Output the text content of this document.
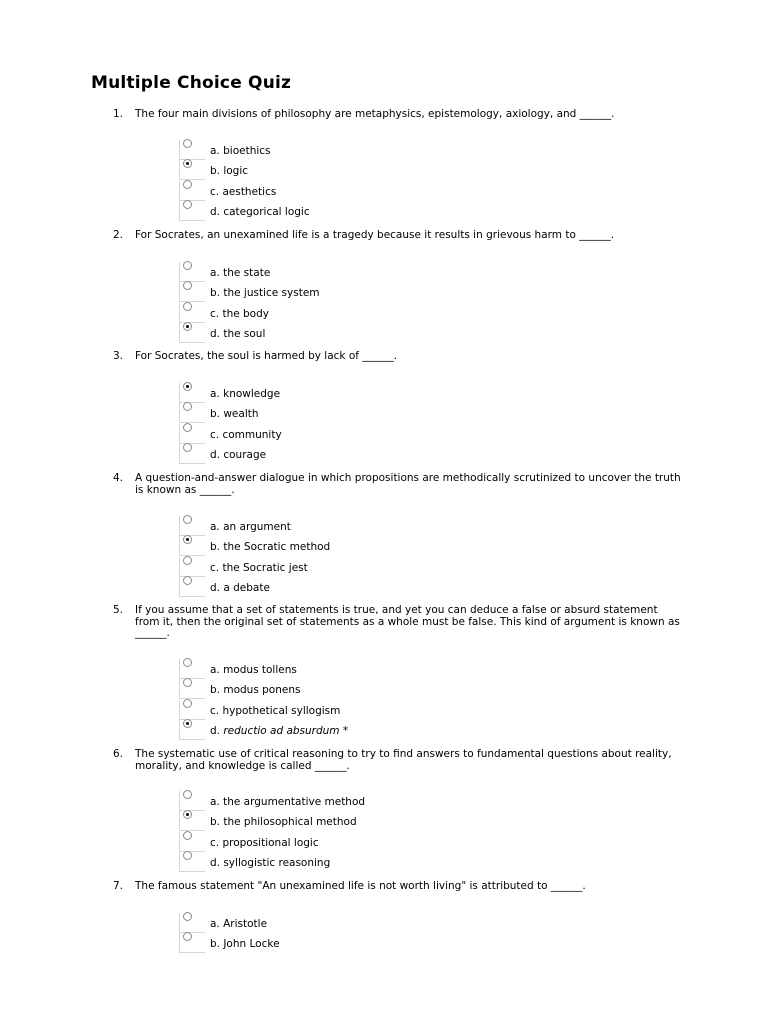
Multiple Choice Quiz
1.	The four main divisions of philosophy are metaphysics, epistemology, axiology, and ______.
a. bioethics
b. logic
c. aesthetics
d. categorical logic
2.	For Socrates, an unexamined life is a tragedy because it results in grievous harm to ______.
a. the state
b. the justice system
c. the body
d. the soul
3.	For Socrates, the soul is harmed by lack of ______.
a. knowledge
b. wealth
c. community
d. courage
4.	A question-and-answer dialogue in which propositions are methodically scrutinized to uncover the truth is known as ______.
a. an argument
b. the Socratic method
c. the Socratic jest
d. a debate
5.	If you assume that a set of statements is true, and yet you can deduce a false or absurd statement from it, then the original set of statements as a whole must be false. This kind of argument is known as ______.
a. modus tollens
b. modus ponens
c. hypothetical syllogism
d. reductio ad absurdum *
6.	The systematic use of critical reasoning to try to find answers to fundamental questions about reality, morality, and knowledge is called ______.
a. the argumentative method
b. the philosophical method
c. propositional logic
d. syllogistic reasoning
7.	The famous statement "An unexamined life is not worth living" is attributed to ______.
a. Aristotle
b. John Locke
